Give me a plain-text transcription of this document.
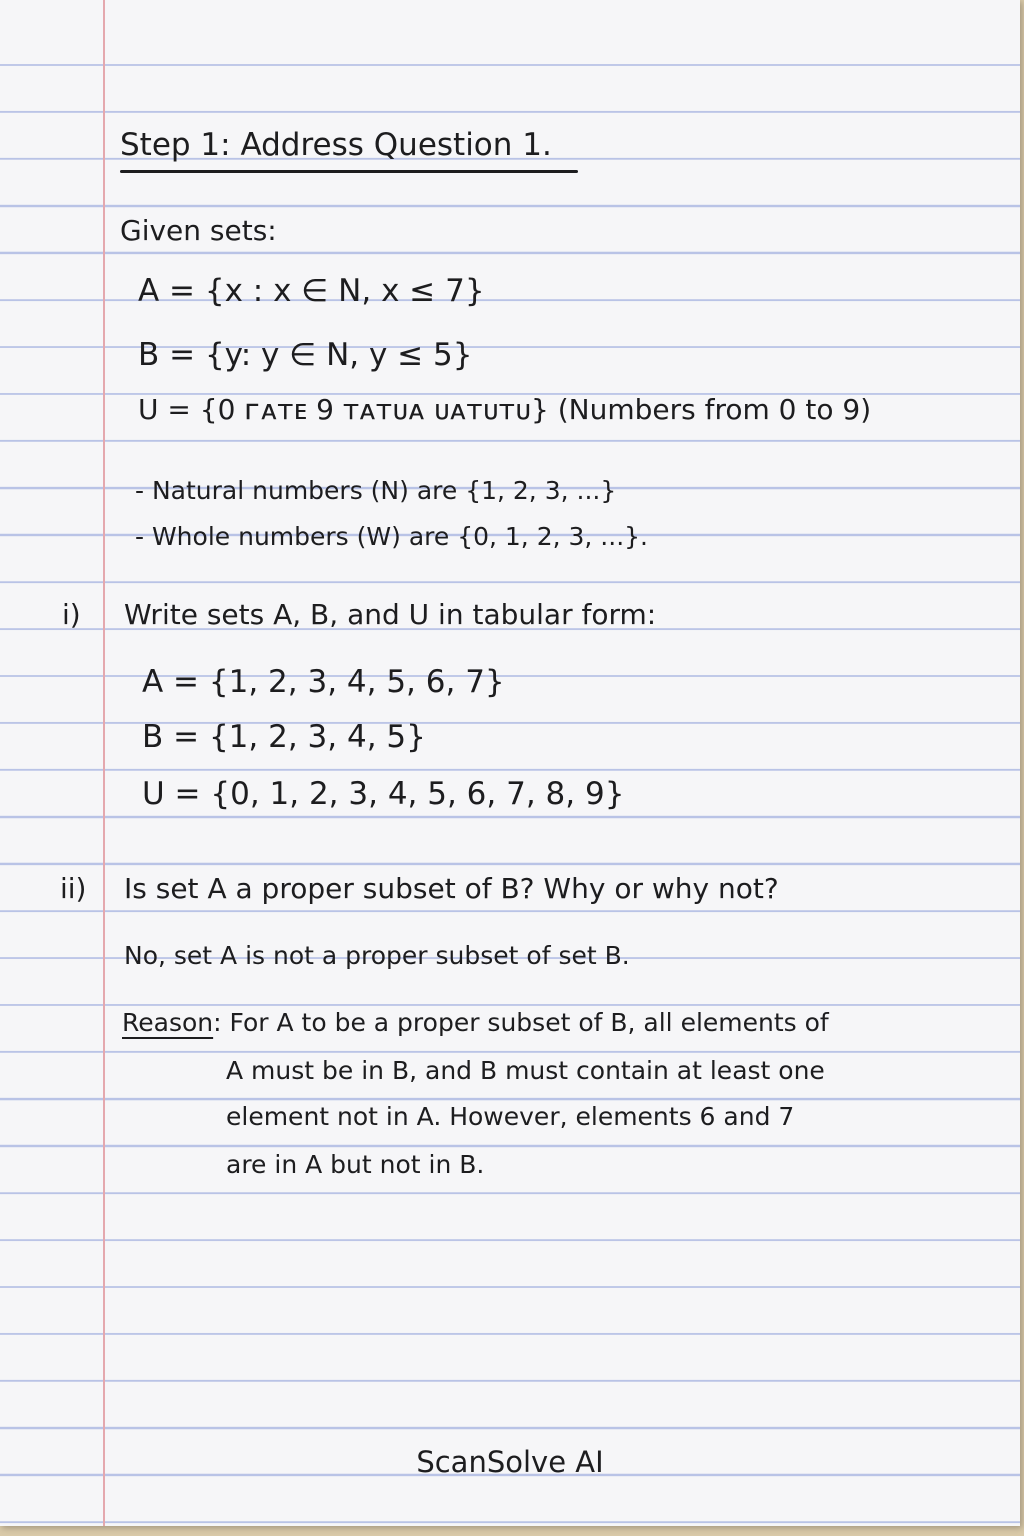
Step 1: Address Question 1.
Given sets:
A = {x : x ∈ N, x ≤ 7}
B = {y: y ∈ N, y ≤ 5}
U = {0 ᴦᴀᴛᴇ 9 ᴛᴀᴛᴜᴀ ᴜᴀᴛᴜᴛᴜ} (Numbers from 0 to 9)
- Natural numbers (N) are {1, 2, 3, ...}
- Whole numbers (W) are {0, 1, 2, 3, ...}.
i) Write sets A, B, and U in tabular form:
A = {1, 2, 3, 4, 5, 6, 7}
B = {1, 2, 3, 4, 5}
U = {0, 1, 2, 3, 4, 5, 6, 7, 8, 9}
ii) Is set A a proper subset of B? Why or why not?
No, set A is not a proper subset of set B.
Reason: For A to be a proper subset of B, all elements of
A must be in B, and B must contain at least one
element not in A. However, elements 6 and 7
are in A but not in B.
ScanSolve AI
